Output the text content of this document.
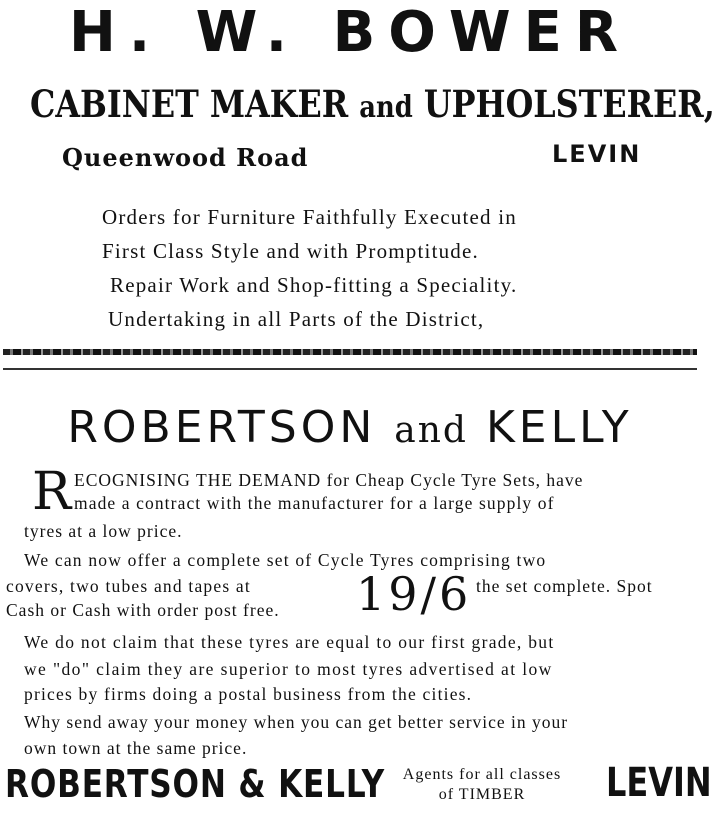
H. W. BOWER
CABINET MAKER and UPHOLSTERER,
Queenwood Road	LEVIN
Orders for Furniture Faithfully Executed in
First Class Style and with Promptitude.
Repair Work and Shop-fitting a Speciality.
Undertaking in all Parts of the District,
ROBERTSON and KELLY
R ECOGNISING THE DEMAND for Cheap Cycle Tyre Sets, have
made a contract with the manufacturer for a large supply of
tyres at a low price.
We can now offer a complete set of Cycle Tyres comprising two
covers, two tubes and tapes at 19/6 the set complete. Spot
Cash or Cash with order post free.
We do not claim that these tyres are equal to our first grade, but
we "do" claim they are superior to most tyres advertised at low
prices by firms doing a postal business from the cities.
Why send away your money when you can get better service in your
own town at the same price.
ROBERTSON & KELLY	Agents for all classes
of TIMBER	LEVIN
